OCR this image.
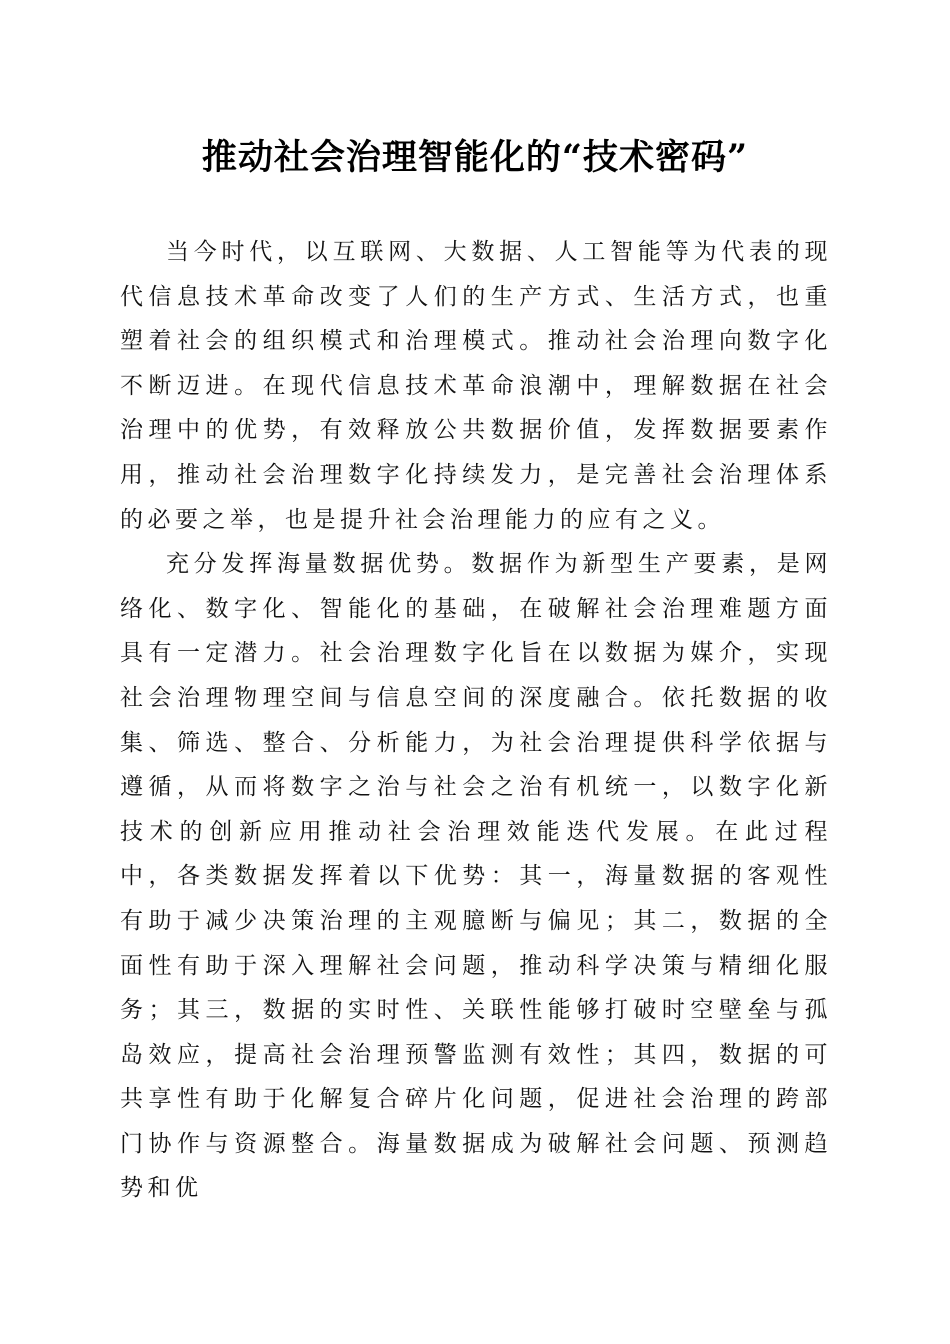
推动社会治理智能化的“技术密码”

当今时代，以互联网、大数据、人工智能等为代表的现代信息技术革命改变了人们的生产方式、生活方式，也重塑着社会的组织模式和治理模式。推动社会治理向数字化不断迈进。在现代信息技术革命浪潮中，理解数据在社会治理中的优势，有效释放公共数据价值，发挥数据要素作用，推动社会治理数字化持续发力，是完善社会治理体系的必要之举，也是提升社会治理能力的应有之义。

充分发挥海量数据优势。数据作为新型生产要素，是网络化、数字化、智能化的基础，在破解社会治理难题方面具有一定潜力。社会治理数字化旨在以数据为媒介，实现社会治理物理空间与信息空间的深度融合。依托数据的收集、筛选、整合、分析能力，为社会治理提供科学依据与遵循，从而将数字之治与社会之治有机统一，以数字化新技术的创新应用推动社会治理效能迭代发展。在此过程中，各类数据发挥着以下优势：其一，海量数据的客观性有助于减少决策治理的主观臆断与偏见；其二，数据的全面性有助于深入理解社会问题，推动科学决策与精细化服务；其三，数据的实时性、关联性能够打破时空壁垒与孤岛效应，提高社会治理预警监测有效性；其四，数据的可共享性有助于化解复合碎片化问题，促进社会治理的跨部门协作与资源整合。海量数据成为破解社会问题、预测趋势和优
